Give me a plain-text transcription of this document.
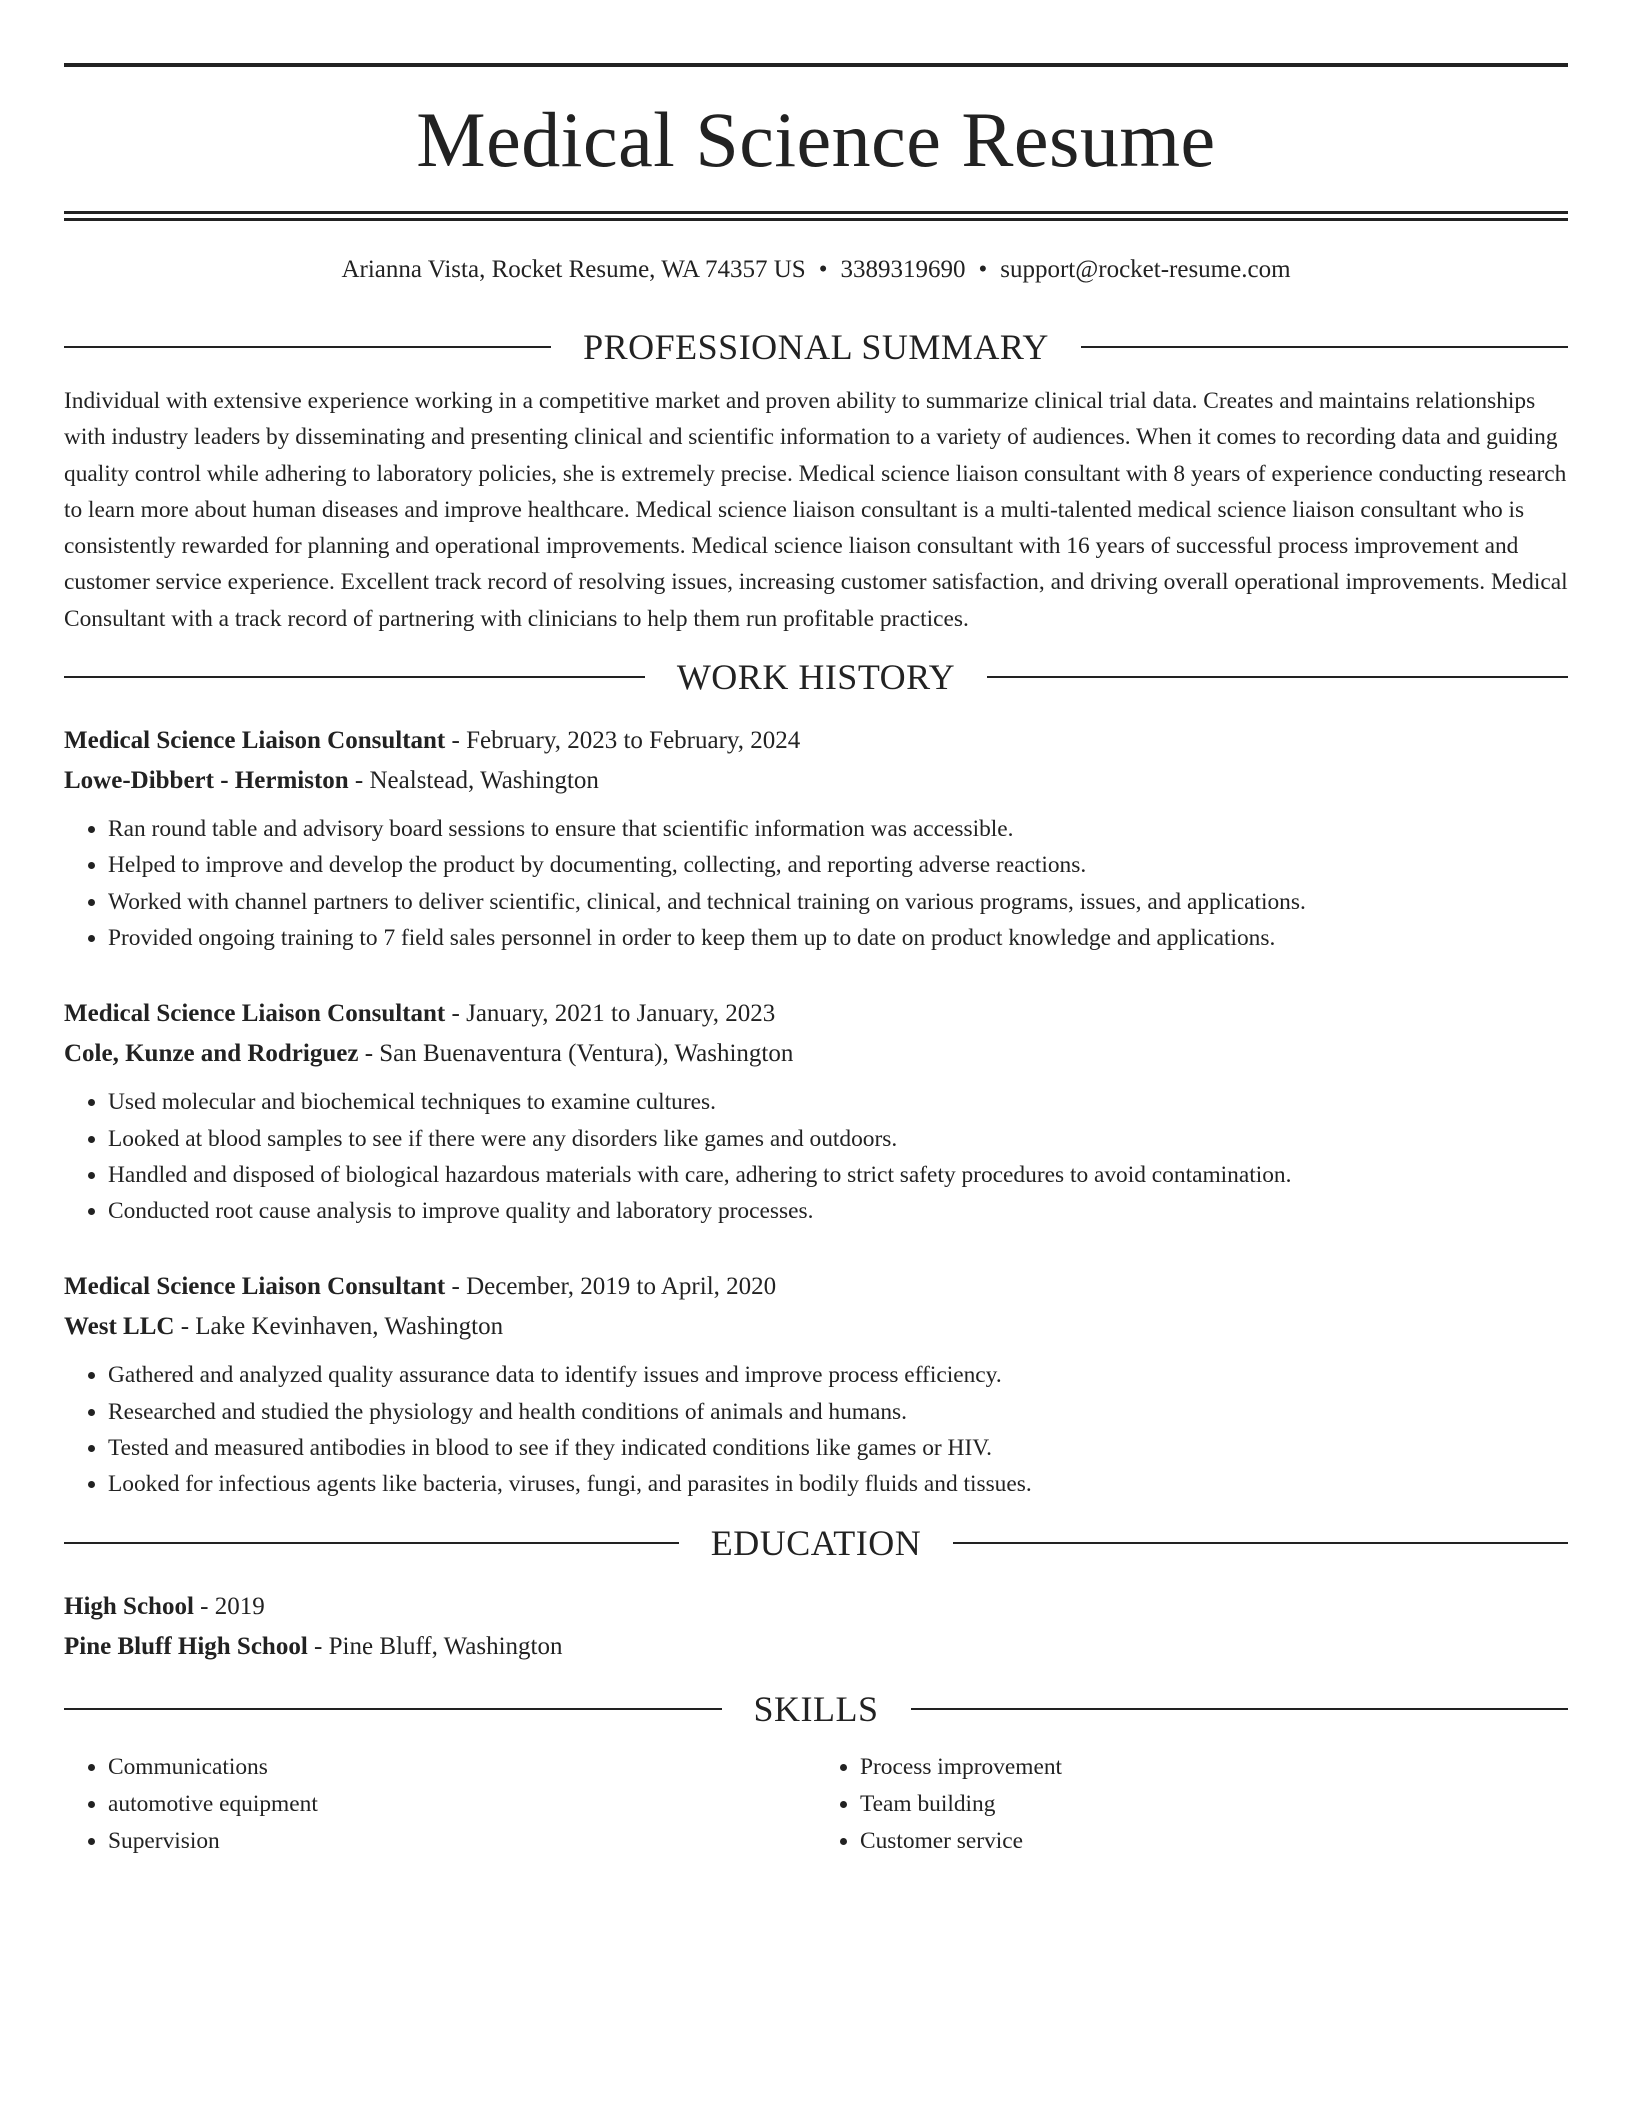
Medical Science Resume
Arianna Vista, Rocket Resume, WA 74357 US • 3389319690 • support@rocket-resume.com
PROFESSIONAL SUMMARY
Individual with extensive experience working in a competitive market and proven ability to summarize clinical trial data. Creates and maintains relationships with industry leaders by disseminating and presenting clinical and scientific information to a variety of audiences. When it comes to recording data and guiding quality control while adhering to laboratory policies, she is extremely precise. Medical science liaison consultant with 8 years of experience conducting research to learn more about human diseases and improve healthcare. Medical science liaison consultant is a multi-talented medical science liaison consultant who is consistently rewarded for planning and operational improvements. Medical science liaison consultant with 16 years of successful process improvement and customer service experience. Excellent track record of resolving issues, increasing customer satisfaction, and driving overall operational improvements. Medical Consultant with a track record of partnering with clinicians to help them run profitable practices.
WORK HISTORY
Medical Science Liaison Consultant - February, 2023 to February, 2024
Lowe-Dibbert - Hermiston - Nealstead, Washington
• Ran round table and advisory board sessions to ensure that scientific information was accessible.
• Helped to improve and develop the product by documenting, collecting, and reporting adverse reactions.
• Worked with channel partners to deliver scientific, clinical, and technical training on various programs, issues, and applications.
• Provided ongoing training to 7 field sales personnel in order to keep them up to date on product knowledge and applications.
Medical Science Liaison Consultant - January, 2021 to January, 2023
Cole, Kunze and Rodriguez - San Buenaventura (Ventura), Washington
• Used molecular and biochemical techniques to examine cultures.
• Looked at blood samples to see if there were any disorders like games and outdoors.
• Handled and disposed of biological hazardous materials with care, adhering to strict safety procedures to avoid contamination.
• Conducted root cause analysis to improve quality and laboratory processes.
Medical Science Liaison Consultant - December, 2019 to April, 2020
West LLC - Lake Kevinhaven, Washington
• Gathered and analyzed quality assurance data to identify issues and improve process efficiency.
• Researched and studied the physiology and health conditions of animals and humans.
• Tested and measured antibodies in blood to see if they indicated conditions like games or HIV.
• Looked for infectious agents like bacteria, viruses, fungi, and parasites in bodily fluids and tissues.
EDUCATION
High School - 2019
Pine Bluff High School - Pine Bluff, Washington
SKILLS
• Communications
• automotive equipment
• Supervision
• Process improvement
• Team building
• Customer service
